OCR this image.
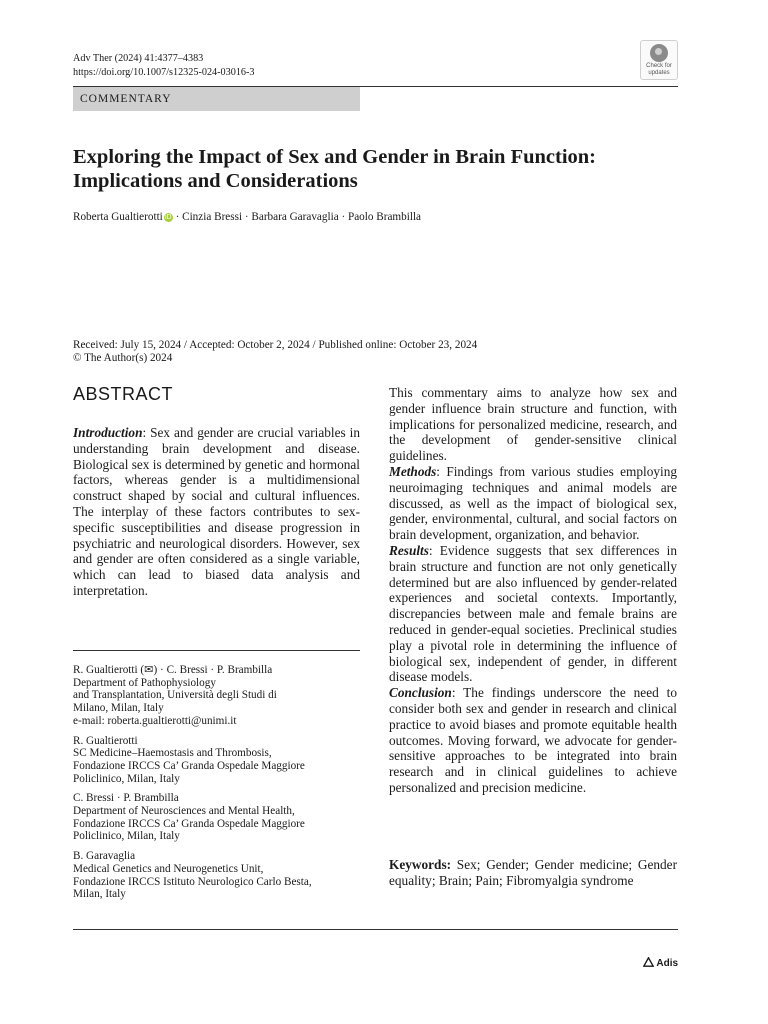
Adv Ther (2024) 41:4377–4383
https://doi.org/10.1007/s12325-024-03016-3
Check for
updates
COMMENTARY
Exploring the Impact of Sex and Gender in Brain Function: Implications and Considerations
Roberta Gualtierotti iD · Cinzia Bressi · Barbara Garavaglia · Paolo Brambilla
Received: July 15, 2024 / Accepted: October 2, 2024 / Published online: October 23, 2024
© The Author(s) 2024
ABSTRACT
Introduction: Sex and gender are crucial variables in understanding brain development and disease. Biological sex is determined by genetic and hormonal factors, whereas gender is a multidimensional construct shaped by social and cultural influences. The interplay of these factors contributes to sex-specific susceptibilities and disease progression in psychiatric and neurological disorders. However, sex and gender are often considered as a single variable, which can lead to biased data analysis and interpretation.

R. Gualtierotti (✉) · C. Bressi · P. Brambilla
Department of Pathophysiology
and Transplantation, Università degli Studi di
Milano, Milan, Italy
e-mail: roberta.gualtierotti@unimi.it

R. Gualtierotti
SC Medicine–Haemostasis and Thrombosis,
Fondazione IRCCS Ca’ Granda Ospedale Maggiore
Policlinico, Milan, Italy

C. Bressi · P. Brambilla
Department of Neurosciences and Mental Health,
Fondazione IRCCS Ca’ Granda Ospedale Maggiore
Policlinico, Milan, Italy

B. Garavaglia
Medical Genetics and Neurogenetics Unit,
Fondazione IRCCS Istituto Neurologico Carlo Besta,
Milan, Italy

This commentary aims to analyze how sex and gender influence brain structure and function, with implications for personalized medicine, research, and the development of gender-sensitive clinical guidelines.
Methods: Findings from various studies employing neuroimaging techniques and animal models are discussed, as well as the impact of biological sex, gender, environmental, cultural, and social factors on brain development, organization, and behavior.
Results: Evidence suggests that sex differences in brain structure and function are not only genetically determined but are also influenced by gender-related experiences and societal contexts. Importantly, discrepancies between male and female brains are reduced in gender-equal societies. Preclinical studies play a pivotal role in determining the influence of biological sex, independent of gender, in different disease models.
Conclusion: The findings underscore the need to consider both sex and gender in research and clinical practice to avoid biases and promote equitable health outcomes. Moving forward, we advocate for gender-sensitive approaches to be integrated into brain research and in clinical guidelines to achieve personalized and precision medicine.
Keywords: Sex; Gender; Gender medicine; Gender equality; Brain; Pain; Fibromyalgia syndrome
Adis
